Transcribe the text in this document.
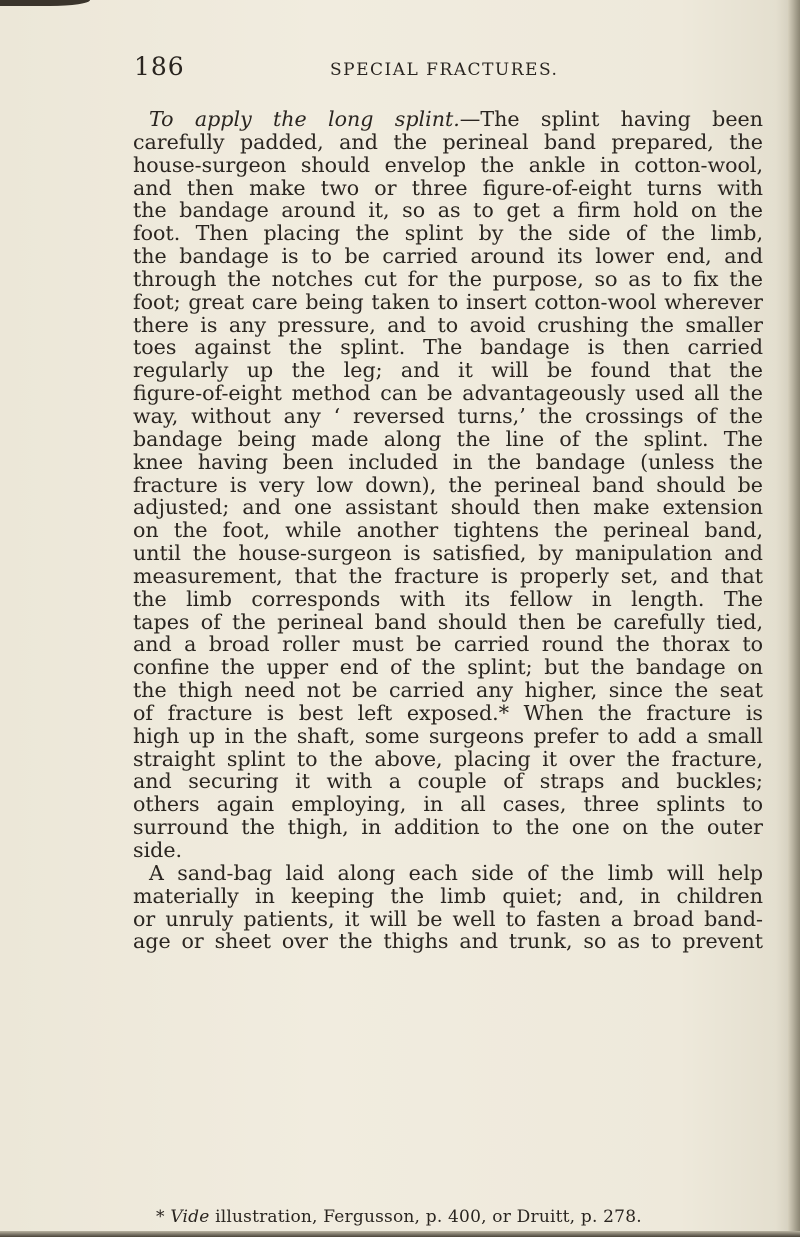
186	SPECIAL FRACTURES.
To apply the long splint.—The splint having been
carefully padded, and the perineal band prepared, the
house-surgeon should envelop the ankle in cotton-wool,
and then make two or three figure-of-eight turns with
the bandage around it, so as to get a firm hold on the
foot. Then placing the splint by the side of the limb,
the bandage is to be carried around its lower end, and
through the notches cut for the purpose, so as to fix the
foot; great care being taken to insert cotton-wool wherever
there is any pressure, and to avoid crushing the smaller
toes against the splint. The bandage is then carried
regularly up the leg; and it will be found that the
figure-of-eight method can be advantageously used all the
way, without any ‘ reversed turns,’ the crossings of the
bandage being made along the line of the splint. The
knee having been included in the bandage (unless the
fracture is very low down), the perineal band should be
adjusted; and one assistant should then make extension
on the foot, while another tightens the perineal band,
until the house-surgeon is satisfied, by manipulation and
measurement, that the fracture is properly set, and that
the limb corresponds with its fellow in length. The
tapes of the perineal band should then be carefully tied,
and a broad roller must be carried round the thorax to
confine the upper end of the splint; but the bandage on
the thigh need not be carried any higher, since the seat
of fracture is best left exposed.* When the fracture is
high up in the shaft, some surgeons prefer to add a small
straight splint to the above, placing it over the fracture,
and securing it with a couple of straps and buckles;
others again employing, in all cases, three splints to
surround the thigh, in addition to the one on the outer
side.
A sand-bag laid along each side of the limb will help
materially in keeping the limb quiet; and, in children
or unruly patients, it will be well to fasten a broad band-
age or sheet over the thighs and trunk, so as to prevent
* Vide illustration, Fergusson, p. 400, or Druitt, p. 278.
